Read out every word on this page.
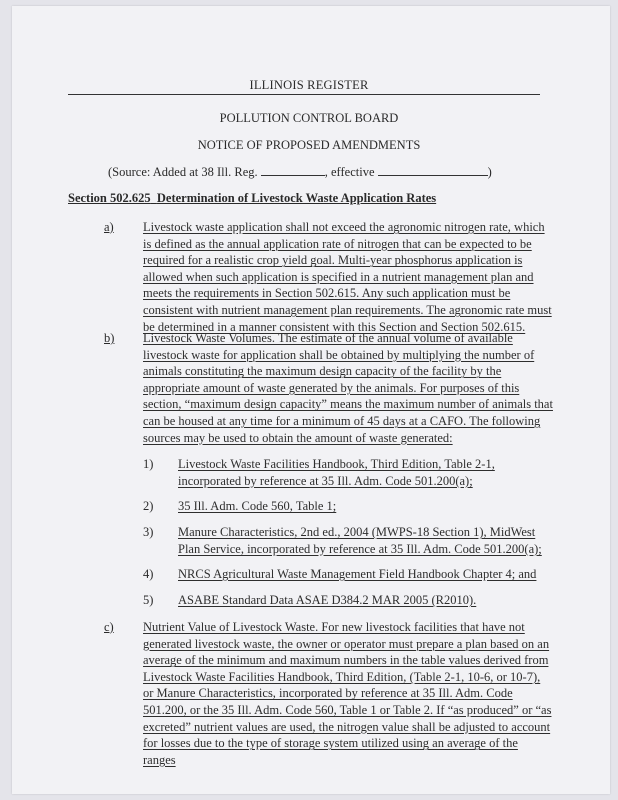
ILLINOIS REGISTER
POLLUTION CONTROL BOARD
NOTICE OF PROPOSED AMENDMENTS
(Source: Added at 38 Ill. Reg.	, effective	)
Section 502.625 Determination of Livestock Waste Application Rates
a) Livestock waste application shall not exceed the agronomic nitrogen rate, which is defined as the annual application rate of nitrogen that can be expected to be required for a realistic crop yield goal. Multi-year phosphorus application is allowed when such application is specified in a nutrient management plan and meets the requirements in Section 502.615. Any such application must be consistent with nutrient management plan requirements. The agronomic rate must be determined in a manner consistent with this Section and Section 502.615.
b) Livestock Waste Volumes. The estimate of the annual volume of available livestock waste for application shall be obtained by multiplying the number of animals constituting the maximum design capacity of the facility by the appropriate amount of waste generated by the animals. For purposes of this section, “maximum design capacity” means the maximum number of animals that can be housed at any time for a minimum of 45 days at a CAFO. The following sources may be used to obtain the amount of waste generated:
1) Livestock Waste Facilities Handbook, Third Edition, Table 2-1, incorporated by reference at 35 Ill. Adm. Code 501.200(a);
2) 35 Ill. Adm. Code 560, Table 1;
3) Manure Characteristics, 2nd ed., 2004 (MWPS-18 Section 1), MidWest Plan Service, incorporated by reference at 35 Ill. Adm. Code 501.200(a);
4) NRCS Agricultural Waste Management Field Handbook Chapter 4; and
5) ASABE Standard Data ASAE D384.2 MAR 2005 (R2010).
c) Nutrient Value of Livestock Waste. For new livestock facilities that have not generated livestock waste, the owner or operator must prepare a plan based on an average of the minimum and maximum numbers in the table values derived from Livestock Waste Facilities Handbook, Third Edition, (Table 2-1, 10-6, or 10-7), or Manure Characteristics, incorporated by reference at 35 Ill. Adm. Code 501.200, or the 35 Ill. Adm. Code 560, Table 1 or Table 2. If “as produced” or “as excreted” nutrient values are used, the nitrogen value shall be adjusted to account for losses due to the type of storage system utilized using an average of the ranges
